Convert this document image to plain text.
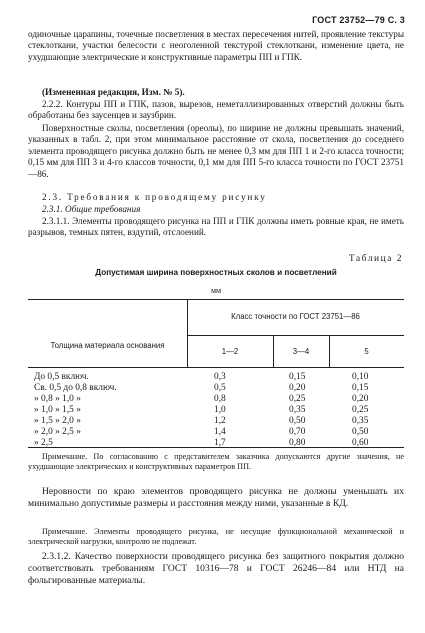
ГОСТ 23752—79 С. 3

одиночные царапины, точечные посветления в местах пересечения нитей, проявление текстуры стеклоткани, участки белесости с неоголенной текстурой стеклоткани, изменение цвета, не ухудшающие электрические и конструктивные параметры ПП и ГПК.

(Измененная редакция, Изм. № 5).

2.2.2. Контуры ПП и ГПК, пазов, вырезов, неметаллизированных отверстий должны быть обработаны без заусенцев и заузбрин.

Поверхностные сколы, посветления (ореолы), по ширине не должны превышать значений, указанных в табл. 2, при этом минимальное расстояние от скола, посветления до соседнего элемента проводящего рисунка должно быть не менее 0,3 мм для ПП 1 и 2-го класса точности; 0,15 мм для ПП 3 и 4-го классов точности, 0,1 мм для ПП 5-го класса точности по ГОСТ 23751—86.

2.3. Требования к проводящему рисунку

2.3.1. Общие требования

2.3.1.1. Элементы проводящего рисунка на ПП и ГПК должны иметь ровные края, не иметь разрывов, темных пятен, вздутий, отслоений.

Таблица 2
Допустимая ширина поверхностных сколов и посветлений
мм
Толщина материала основания
Класс точности по ГОСТ 23751—86
1—2	3—4	5
До 0,5 включ.	0,3	0,15	0,10
Св. 0,5 до 0,8 включ.	0,5	0,20	0,15
» 0,8 » 1,0 »	0,8	0,25	0,20
» 1,0 » 1,5 »	1,0	0,35	0,25
» 1,5 » 2,0 »	1,2	0,50	0,35
» 2,0 » 2,5 »	1,4	0,70	0,50
» 2,5	1,7	0,80	0,60

Примечание. По согласованию с представителем заказчика допускаются другие значения, не ухудшающие электрических и конструктивных параметров ПП.

Неровности по краю элементов проводящего рисунка не должны уменьшать их минимально допустимые размеры и расстояния между ними, указанные в КД.

Примечание. Элементы проводящего рисунка, не несущие функциональной механической и электрической нагрузки, контролю не подлежат.

2.3.1.2. Качество поверхности проводящего рисунка без защитного покрытия должно соответствовать требованиям ГОСТ 10316—78 и ГОСТ 26246—84 или НТД на фольгированные материалы.
